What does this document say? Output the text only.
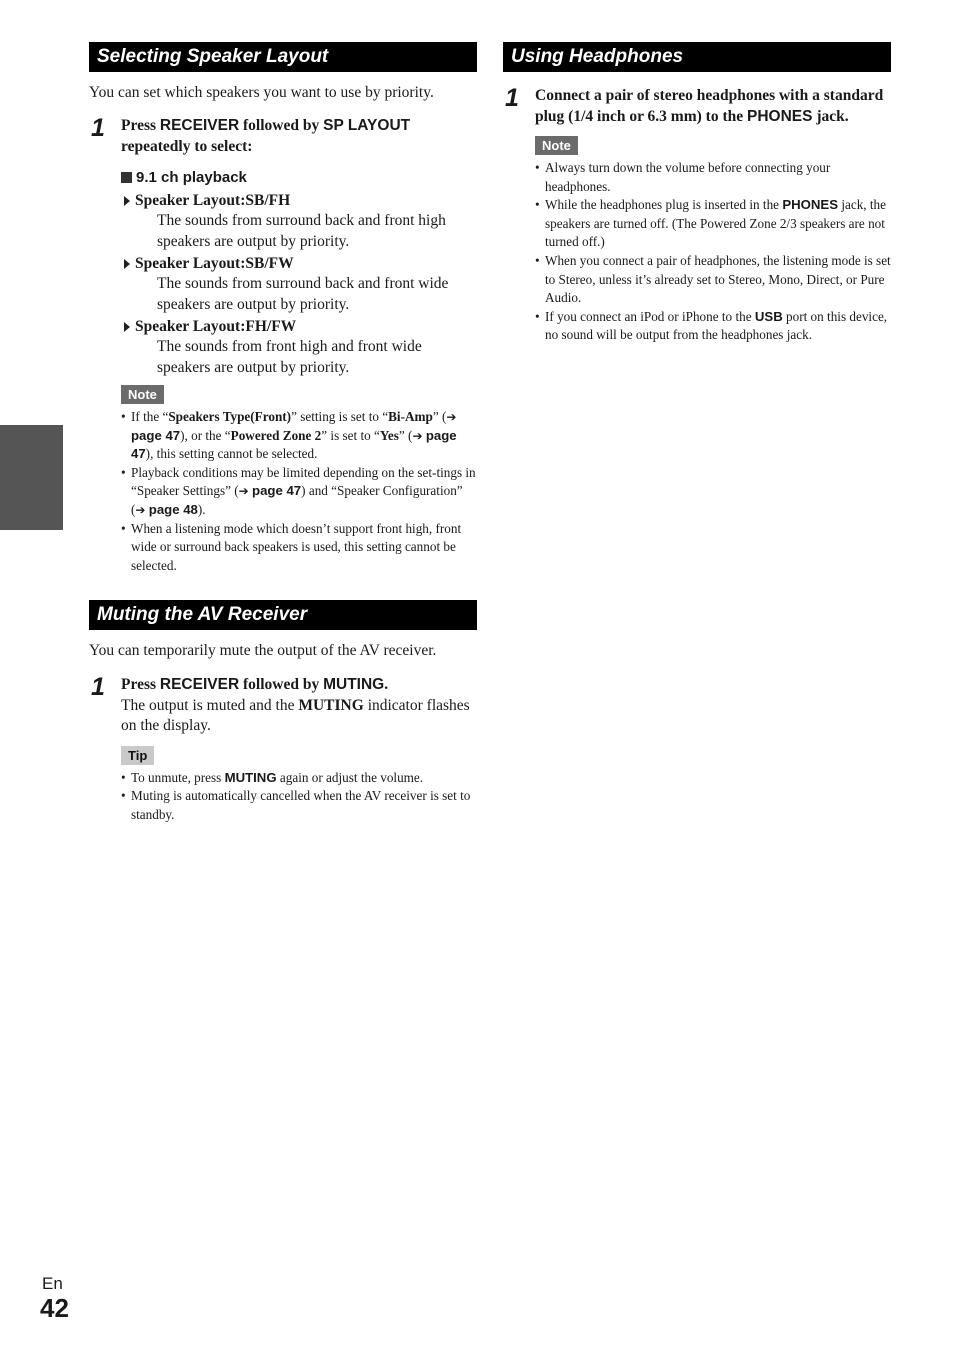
Selecting Speaker Layout

You can set which speakers you want to use by priority.

1 Press RECEIVER followed by SP LAYOUT repeatedly to select:

9.1 ch playback

Speaker Layout:SB/FH

The sounds from surround back and front high speakers are output by priority.

Speaker Layout:SB/FW

The sounds from surround back and front wide speakers are output by priority.

Speaker Layout:FH/FW

The sounds from front high and front wide speakers are output by priority.

Note
• If the “Speakers Type(Front)” setting is set to “Bi-Amp” (➔ page 47), or the “Powered Zone 2” is set to “Yes” (➔ page 47), this setting cannot be selected.
• Playback conditions may be limited depending on the set-tings in “Speaker Settings” (➔ page 47) and “Speaker Configuration” (➔ page 48).
• When a listening mode which doesn’t support front high, front wide or surround back speakers is used, this setting cannot be selected.
Muting the AV Receiver

You can temporarily mute the output of the AV receiver.

1 Press RECEIVER followed by MUTING.

The output is muted and the MUTING indicator flashes on the display.

Tip
• To unmute, press MUTING again or adjust the volume.
• Muting is automatically cancelled when the AV receiver is set to standby.
Using Headphones
1 Connect a pair of stereo headphones with a standard plug (1/4 inch or 6.3 mm) to the PHONES jack.

Note
• Always turn down the volume before connecting your headphones.
• While the headphones plug is inserted in the PHONES jack, the speakers are turned off. (The Powered Zone 2/3 speakers are not turned off.)
• When you connect a pair of headphones, the listening mode is set to Stereo, unless it’s already set to Stereo, Mono, Direct, or Pure Audio.
• If you connect an iPod or iPhone to the USB port on this device, no sound will be output from the headphones jack.
En
42
